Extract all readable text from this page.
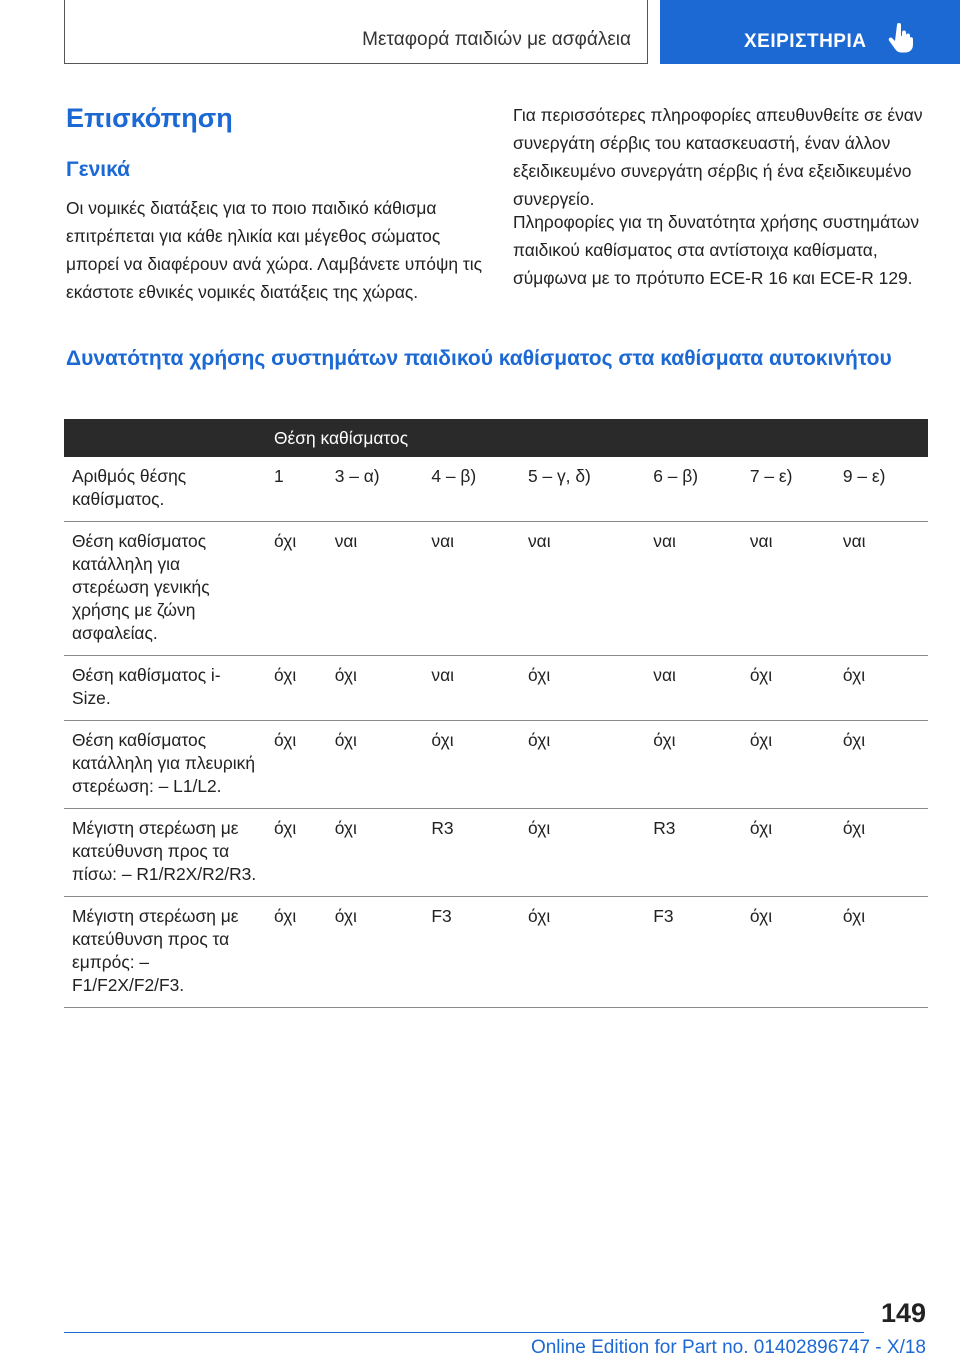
Μεταφορά παιδιών με ασφάλεια	ΧΕΙΡΙΣΤΗΡΙΑ
Επισκόπηση
Γενικά

Οι νομικές διατάξεις για το ποιο παιδικό κάθισμα επιτρέπεται για κάθε ηλικία και μέγεθος σώματος μπορεί να διαφέρουν ανά χώρα. Λαμβάνετε υπόψη τις εκάστοτε εθνικές νομικές διατάξεις της χώρας.

Για περισσότερες πληροφορίες απευθυνθείτε σε έναν συνεργάτη σέρβις του κατασκευαστή, έναν άλλον εξειδικευμένο συνεργάτη σέρβις ή ένα εξειδικευμένο συνεργείο.

Πληροφορίες για τη δυνατότητα χρήσης συστημάτων παιδικού καθίσματος στα αντίστοιχα καθίσματα, σύμφωνα με το πρότυπο ECE-R 16 και ECE-R 129.

Δυνατότητα χρήσης συστημάτων παιδικού καθίσματος στα καθίσματα αυτοκινήτου
	Θέση καθίσματος						
Αριθμός θέσης καθίσματος.	1	3 – α)	4 – β)	5 – γ, δ)	6 – β)	7 – ε)	9 – ε)
Θέση καθίσματος κατάλληλη για στερέωση γενικής χρήσης με ζώνη ασφαλείας.	όχι	ναι	ναι	ναι	ναι	ναι	ναι
Θέση καθίσματος i-Size.	όχι	όχι	ναι	όχι	ναι	όχι	όχι
Θέση καθίσματος κατάλληλη για πλευρική στερέωση: – L1/L2.	όχι	όχι	όχι	όχι	όχι	όχι	όχι
Μέγιστη στερέωση με κατεύθυνση προς τα πίσω: – R1/R2X/R2/R3.	όχι	όχι	R3	όχι	R3	όχι	όχι
Μέγιστη στερέωση με κατεύθυνση προς τα εμπρός: – F1/F2X/F2/F3.	όχι	όχι	F3	όχι	F3	όχι	όχι
149
Online Edition for Part no. 01402896747 - X/18
